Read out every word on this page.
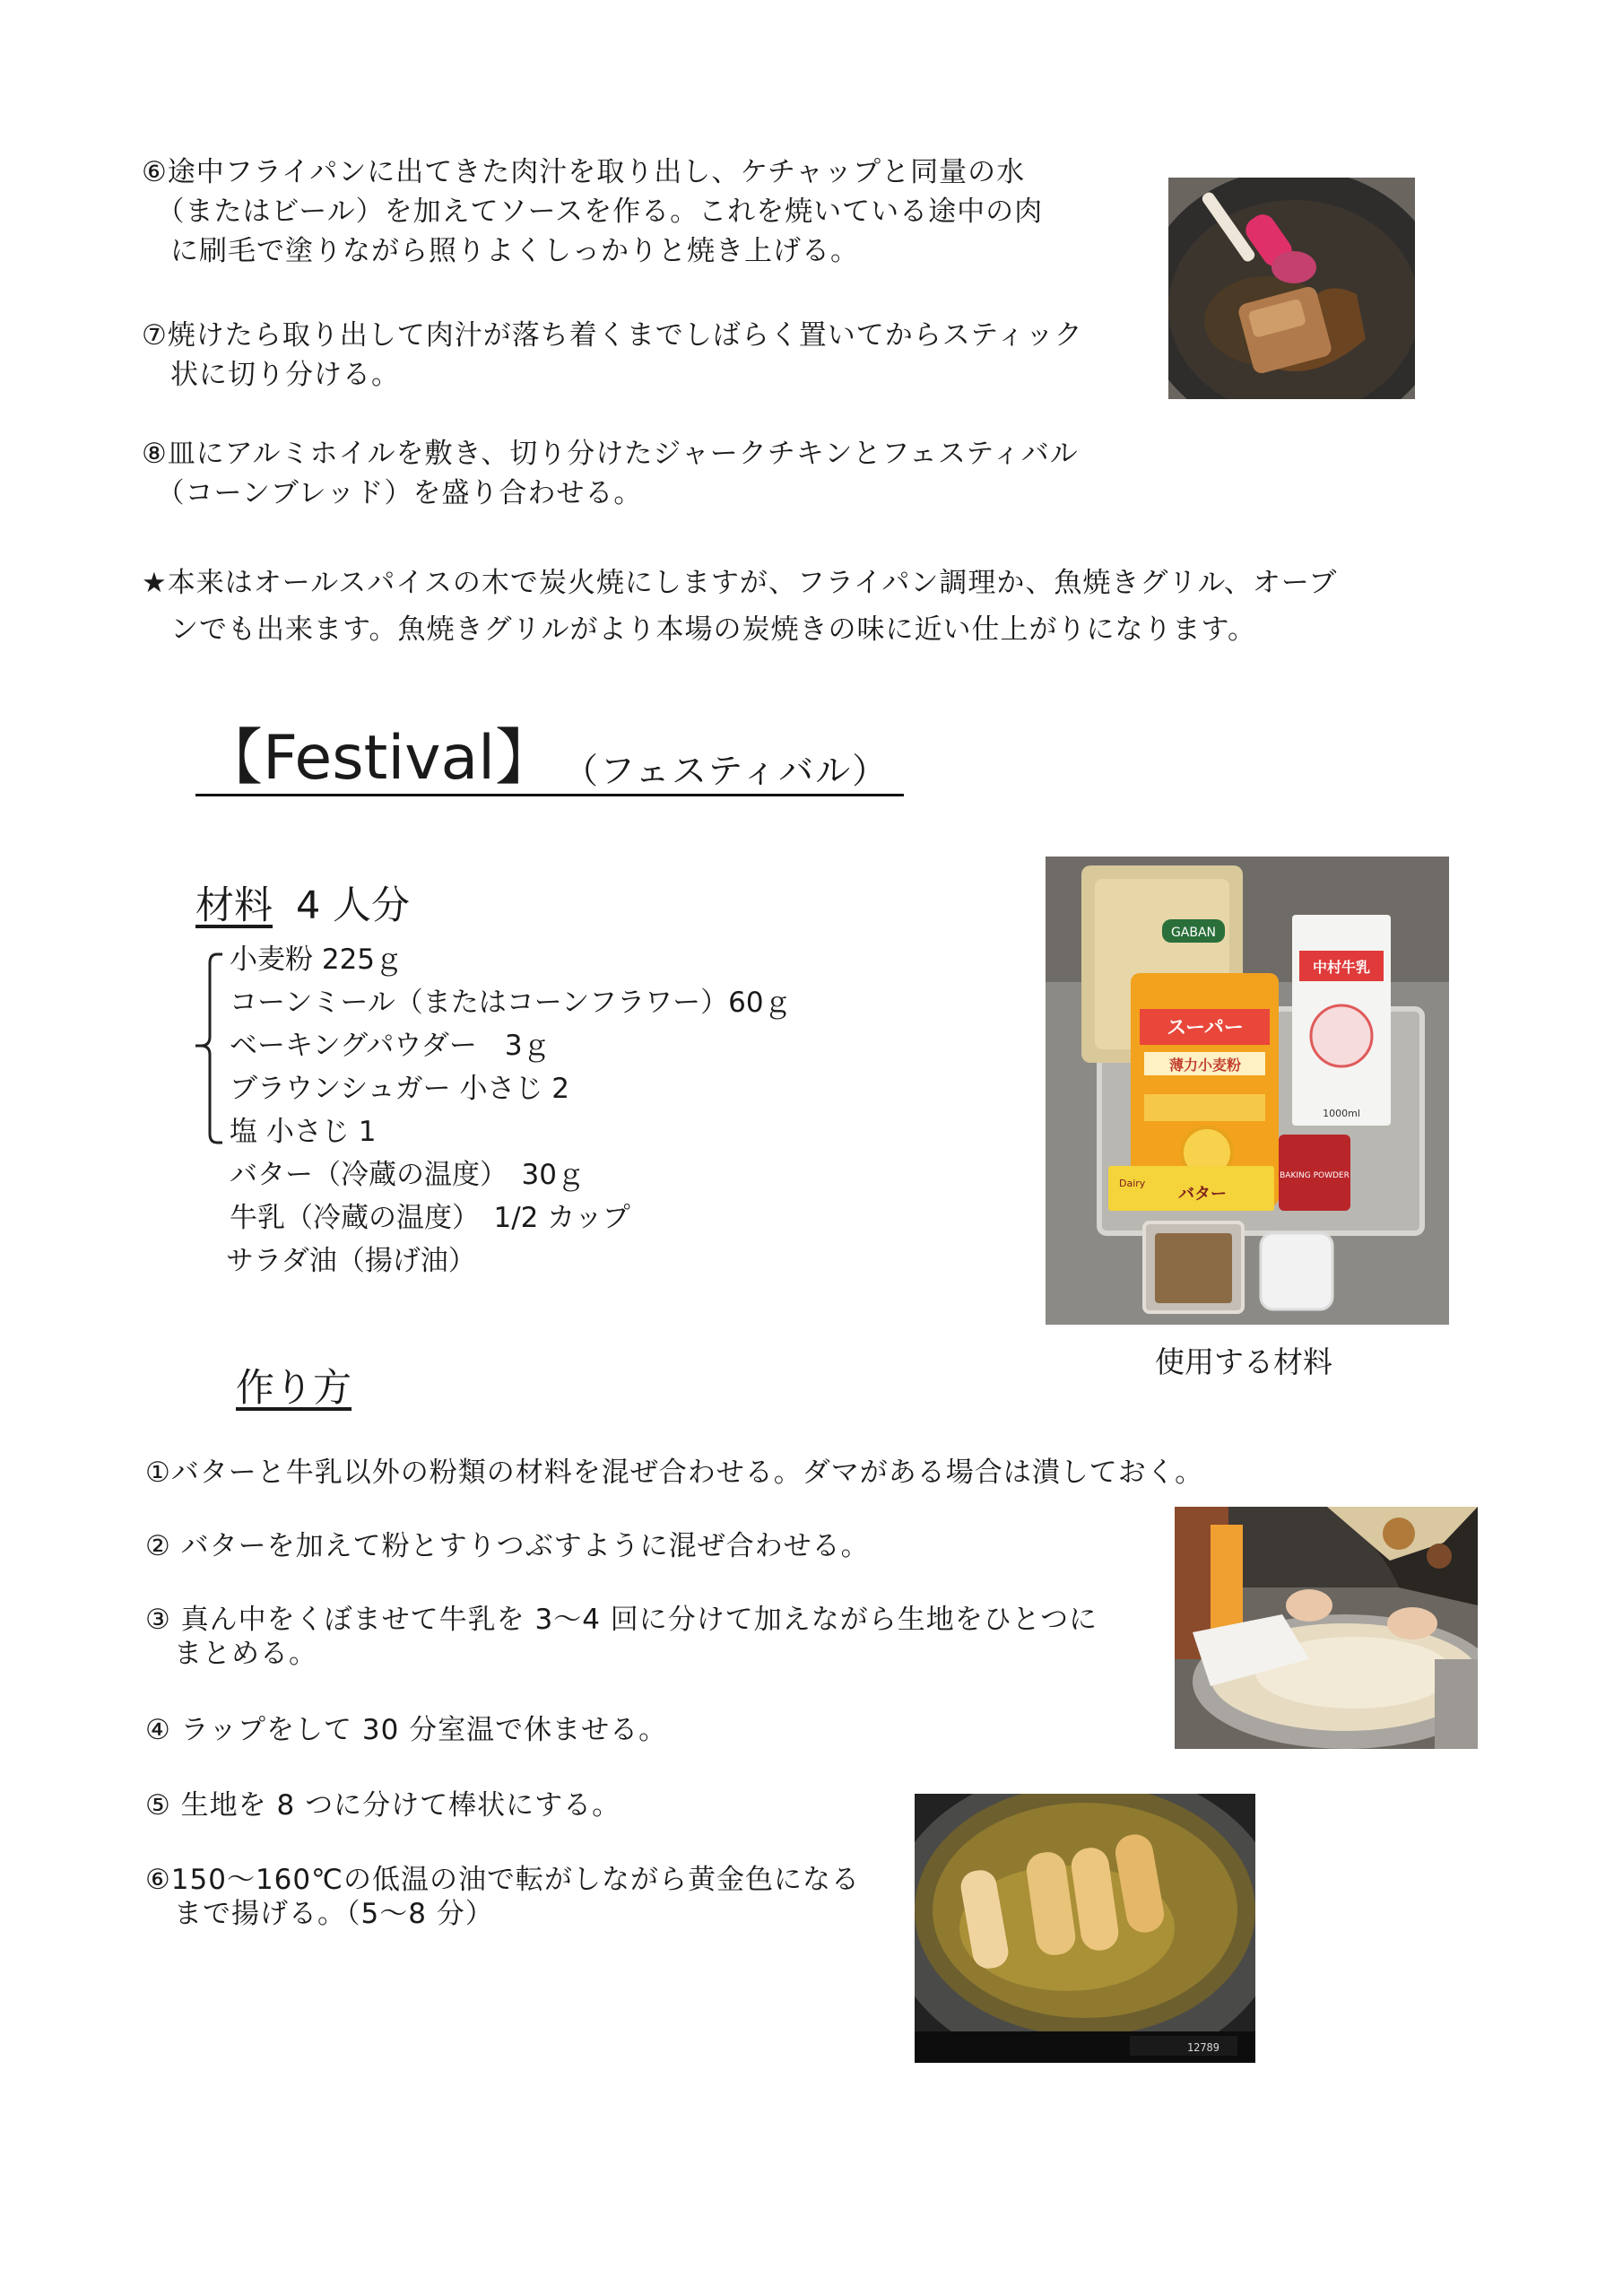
⑥途中フライパンに出てきた肉汁を取り出し、ケチャップと同量の水
　（またはビール）を加えてソースを作る。これを焼いている途中の肉
　に刷毛で塗りながら照りよくしっかりと焼き上げる。
⑦焼けたら取り出して肉汁が落ち着くまでしばらく置いてからスティック
　状に切り分ける。
⑧皿にアルミホイルを敷き、切り分けたジャークチキンとフェスティバル
　（コーンブレッド）を盛り合わせる。
★本来はオールスパイスの木で炭火焼にしますが、フライパン調理か、魚焼きグリル、オーブ
　ンでも出来ます。魚焼きグリルがより本場の炭焼きの味に近い仕上がりになります。
【Festival】 （フェスティバル）
材料 4 人分
小麦粉 225ｇ
コーンミール（またはコーンフラワー）60ｇ
ベーキングパウダー　3ｇ
ブラウンシュガー 小さじ 2
塩 小さじ 1
バター（冷蔵の温度）　30ｇ
牛乳（冷蔵の温度）　1/2 カップ
サラダ油（揚げ油）
GABAN
スーパー
薄力小麦粉
中村牛乳
1000ml
BAKING POWDER
Dairy
バター
使用する材料
作り方
①バターと牛乳以外の粉類の材料を混ぜ合わせる。ダマがある場合は潰しておく。
② バターを加えて粉とすりつぶすように混ぜ合わせる。
③ 真ん中をくぼませて牛乳を 3〜4 回に分けて加えながら生地をひとつに
　まとめる。
④ ラップをして 30 分室温で休ませる。
⑤ 生地を 8 つに分けて棒状にする。
⑥150〜160℃の低温の油で転がしながら黄金色になる
　まで揚げる。（5〜8 分）
12789
